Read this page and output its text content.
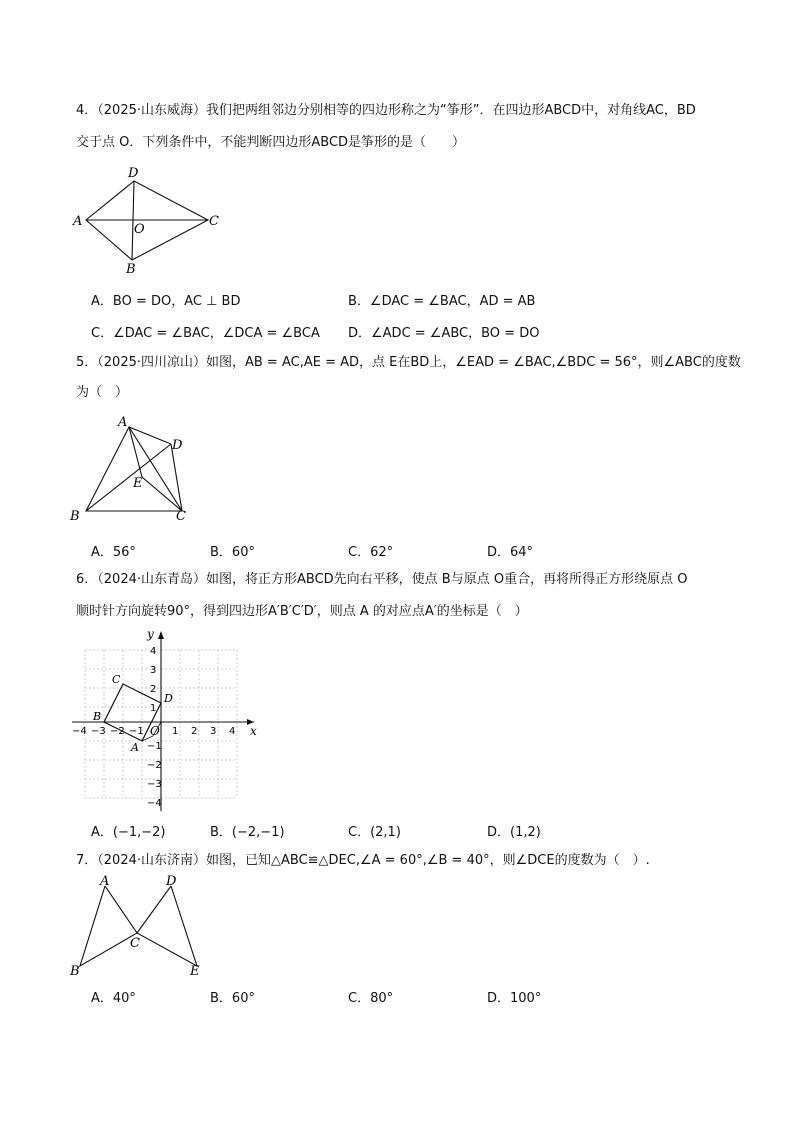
4．（2025·山东威海）我们把两组邻边分别相等的四边形称之为“筝形”．在四边形ABCD中，对角线AC，BD
交于点 O．下列条件中，不能判断四边形ABCD是筝形的是（　　）
D
A
O
C
B
A．BO = DO，AC ⊥ BD	B．∠DAC = ∠BAC，AD = AB
C．∠DAC = ∠BAC，∠DCA = ∠BCA D．∠ADC = ∠ABC，BO = DO
5．（2025·四川凉山）如图，AB = AC,AE = AD，点 E在BD上，∠EAD = ∠BAC,∠BDC = 56°，则∠ABC的度数
为（　）
A
D
E
B	C
A．56°	B．60°	C．62°	D．64°
6．（2024·山东青岛）如图，将正方形ABCD先向右平移，使点 B与原点 O重合，再将所得正方形绕原点 O
顺时针方向旋转90°，得到四边形A′B′C′D′，则点 A 的对应点A′的坐标是（　）
y
x
O
A
B
C
D
−4 −3 −2 −1	1 2 3 4
4
3
2
1
−1
−2
−3
−4
A．(−1,−2)	B．(−2,−1)	C．(2,1)	D．(1,2)
7．（2024·山东济南）如图，已知△ABC≌△DEC,∠A = 60°,∠B = 40°，则∠DCE的度数为（　）.
A	D
C
B	E
A．40°	B．60°	C．80°	D．100°
